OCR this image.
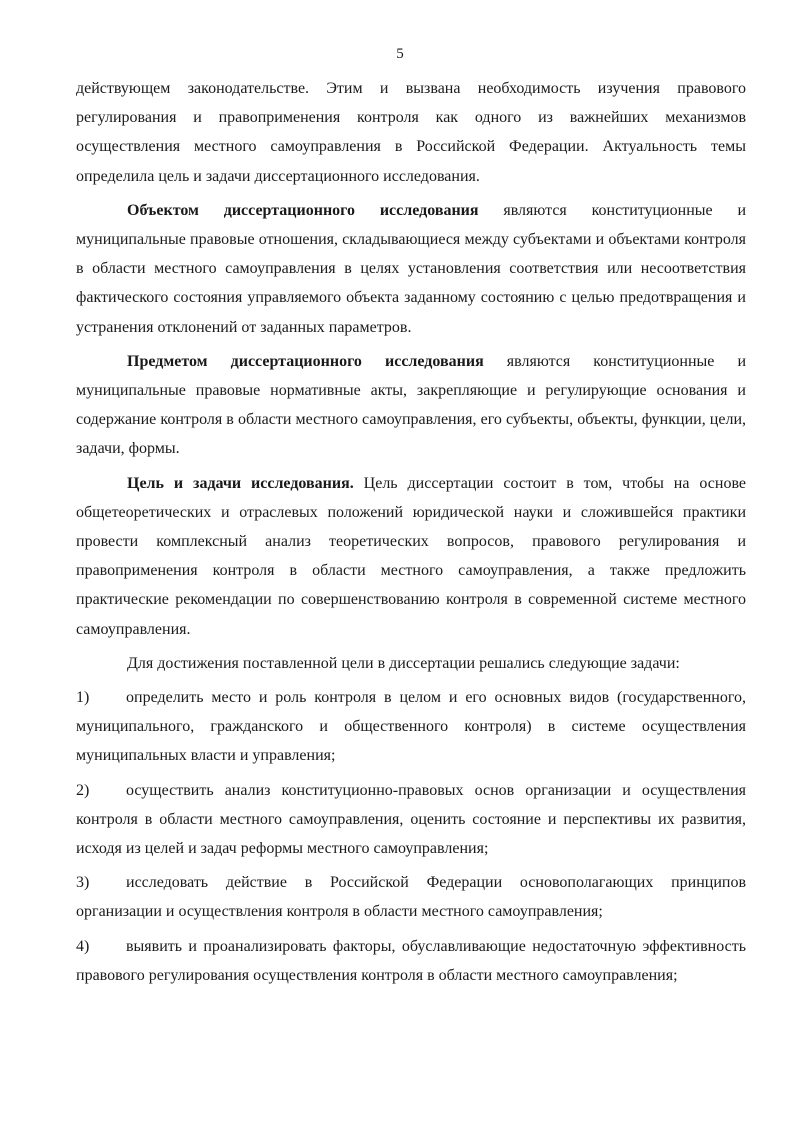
5

действующем законодательстве. Этим и вызвана необходимость изучения правового регулирования и правоприменения контроля как одного из важнейших механизмов осуществления местного самоуправления в Российской Федерации. Актуальность темы определила цель и задачи диссертационного исследования.

Объектом диссертационного исследования являются конституционные и муниципальные правовые отношения, складывающиеся между субъектами и объектами контроля в области местного самоуправления в целях установления соответствия или несоответствия фактического состояния управляемого объекта заданному состоянию с целью предотвращения и устранения отклонений от заданных параметров.

Предметом диссертационного исследования являются конституционные и муниципальные правовые нормативные акты, закрепляющие и регулирующие основания и содержание контроля в области местного самоуправления, его субъекты, объекты, функции, цели, задачи, формы.

Цель и задачи исследования. Цель диссертации состоит в том, чтобы на основе общетеоретических и отраслевых положений юридической науки и сложившейся практики провести комплексный анализ теоретических вопросов, правового регулирования и правоприменения контроля в области местного самоуправления, а также предложить практические рекомендации по совершенствованию контроля в современной системе местного самоуправления.

Для достижения поставленной цели в диссертации решались следующие задачи:

1) определить место и роль контроля в целом и его основных видов (государственного, муниципального, гражданского и общественного контроля) в системе осуществления муниципальных власти и управления;

2) осуществить анализ конституционно-правовых основ организации и осуществления контроля в области местного самоуправления, оценить состояние и перспективы их развития, исходя из целей и задач реформы местного самоуправления;

3) исследовать действие в Российской Федерации основополагающих принципов организации и осуществления контроля в области местного самоуправления;

4) выявить и проанализировать факторы, обуславливающие недостаточную эффективность правового регулирования осуществления контроля в области местного самоуправления;
